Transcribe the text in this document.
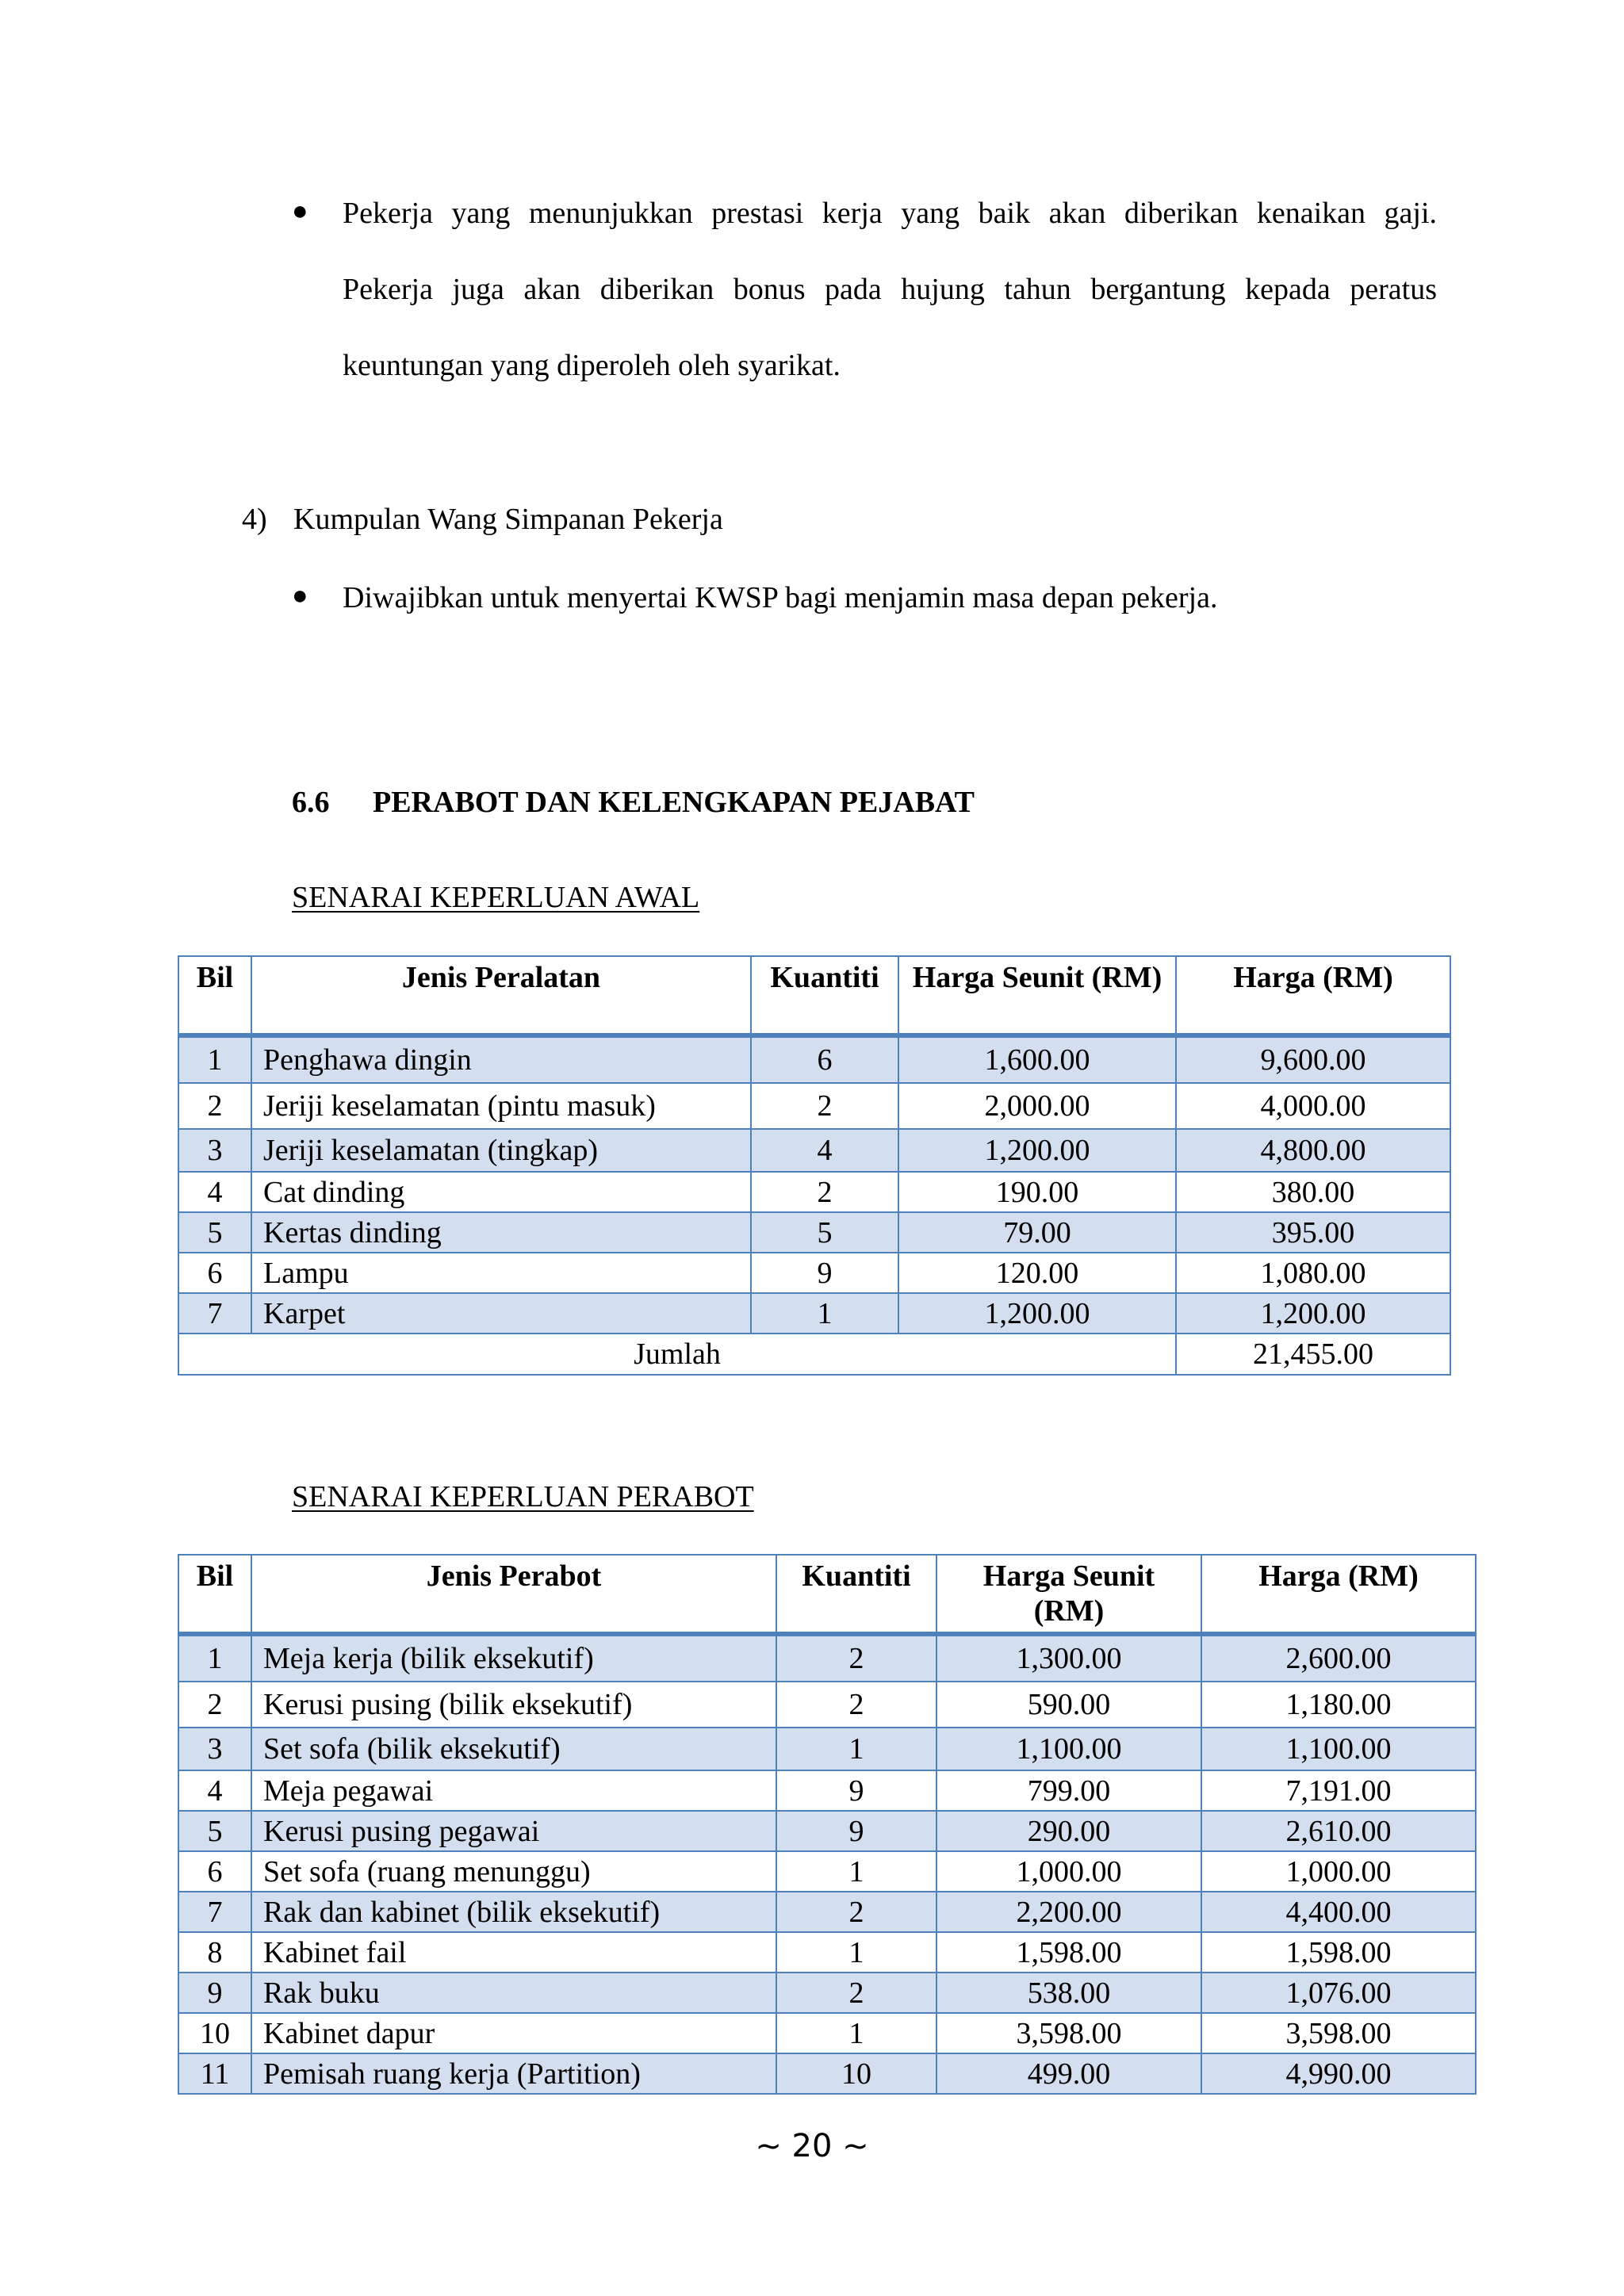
● Pekerja yang menunjukkan prestasi kerja yang baik akan diberikan kenaikan gaji.
Pekerja juga akan diberikan bonus pada hujung tahun bergantung kepada peratus
keuntungan yang diperoleh oleh syarikat.
4) Kumpulan Wang Simpanan Pekerja
● Diwajibkan untuk menyertai KWSP bagi menjamin masa depan pekerja.
6.6 PERABOT DAN KELENGKAPAN PEJABAT
SENARAI KEPERLUAN AWAL
Bil	Jenis Peralatan	Kuantiti	Harga Seunit (RM)	Harga (RM)
1	Penghawa dingin	6	1,600.00	9,600.00
2	Jeriji keselamatan (pintu masuk)	2	2,000.00	4,000.00
3	Jeriji keselamatan (tingkap)	4	1,200.00	4,800.00
4	Cat dinding	2	190.00	380.00
5	Kertas dinding	5	79.00	395.00
6	Lampu	9	120.00	1,080.00
7	Karpet	1	1,200.00	1,200.00
Jumlah				21,455.00
SENARAI KEPERLUAN PERABOT
Bil	Jenis Perabot	Kuantiti	Harga Seunit (RM)	Harga (RM)
1	Meja kerja (bilik eksekutif)	2	1,300.00	2,600.00
2	Kerusi pusing (bilik eksekutif)	2	590.00	1,180.00
3	Set sofa (bilik eksekutif)	1	1,100.00	1,100.00
4	Meja pegawai	9	799.00	7,191.00
5	Kerusi pusing pegawai	9	290.00	2,610.00
6	Set sofa (ruang menunggu)	1	1,000.00	1,000.00
7	Rak dan kabinet (bilik eksekutif)	2	2,200.00	4,400.00
8	Kabinet fail	1	1,598.00	1,598.00
9	Rak buku	2	538.00	1,076.00
10	Kabinet dapur	1	3,598.00	3,598.00
11	Pemisah ruang kerja (Partition)	10	499.00	4,990.00
~ 20 ~
